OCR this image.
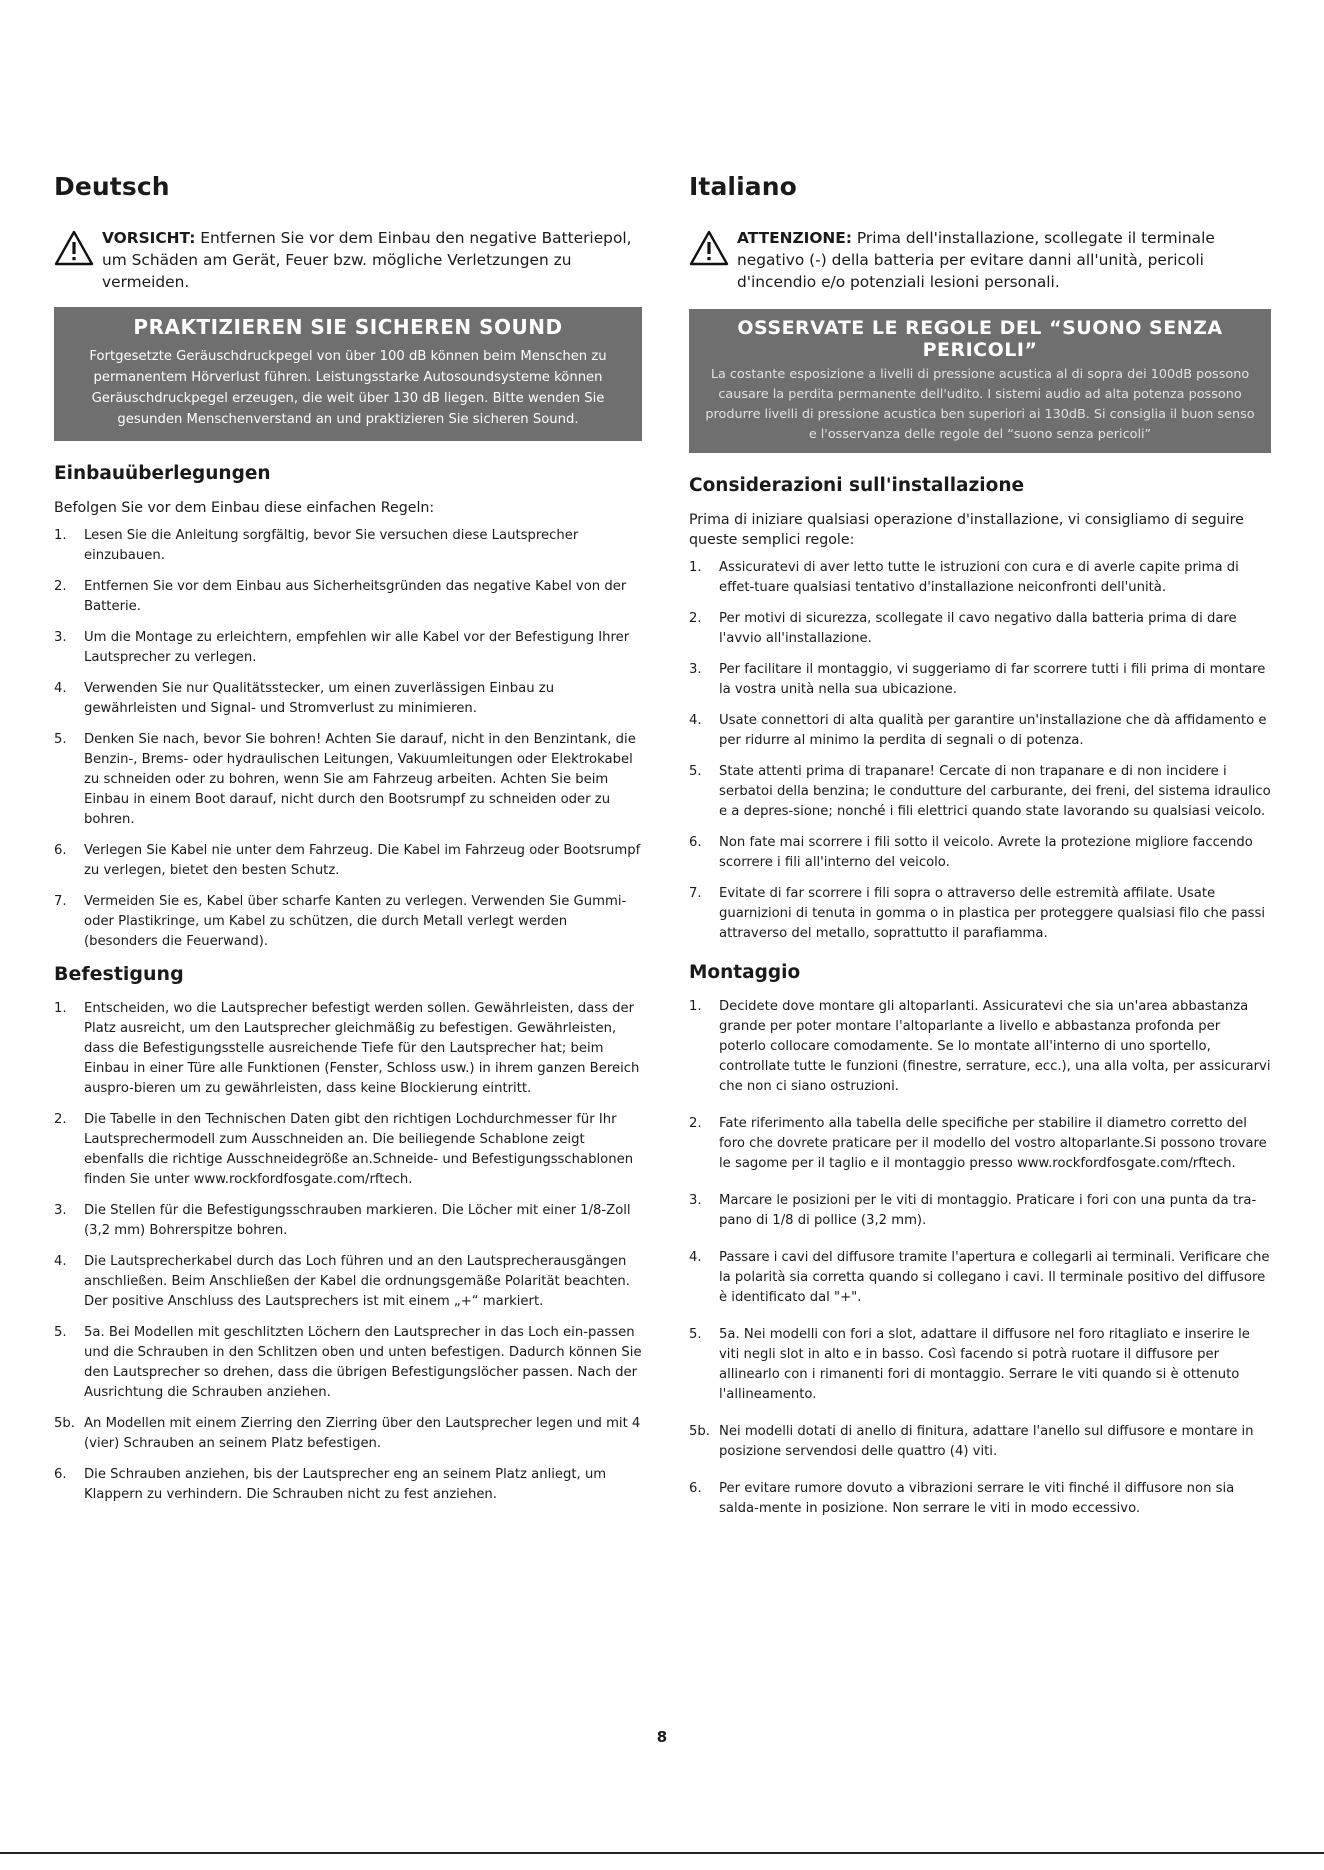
Deutsch
VORSICHT: Entfernen Sie vor dem Einbau den negative Batteriepol, um Schäden am Gerät, Feuer bzw. mögliche Verletzungen zu vermeiden.
PRAKTIZIEREN SIE SICHEREN SOUND
Fortgesetzte Geräuschdruckpegel von über 100 dB können beim Menschen zu permanentem Hörverlust führen. Leistungsstarke Autosoundsysteme können Geräuschdruckpegel erzeugen, die weit über 130 dB liegen. Bitte wenden Sie gesunden Menschenverstand an und praktizieren Sie sicheren Sound.
Einbauüberlegungen

Befolgen Sie vor dem Einbau diese einfachen Regeln:

1. Lesen Sie die Anleitung sorgfältig, bevor Sie versuchen diese Lautsprecher einzubauen.
2. Entfernen Sie vor dem Einbau aus Sicherheitsgründen das negative Kabel von der Batterie.
3. Um die Montage zu erleichtern, empfehlen wir alle Kabel vor der Befestigung Ihrer Lautsprecher zu verlegen.
4. Verwenden Sie nur Qualitätsstecker, um einen zuverlässigen Einbau zu gewährleisten und Signal- und Stromverlust zu minimieren.
5. Denken Sie nach, bevor Sie bohren! Achten Sie darauf, nicht in den Benzintank, die Benzin-, Brems- oder hydraulischen Leitungen, Vakuumleitungen oder Elektrokabel zu schneiden oder zu bohren, wenn Sie am Fahrzeug arbeiten. Achten Sie beim Einbau in einem Boot darauf, nicht durch den Bootsrumpf zu schneiden oder zu bohren.
6. Verlegen Sie Kabel nie unter dem Fahrzeug. Die Kabel im Fahrzeug oder Bootsrumpf zu verlegen, bietet den besten Schutz.
7. Vermeiden Sie es, Kabel über scharfe Kanten zu verlegen. Verwenden Sie Gummi- oder Plastikringe, um Kabel zu schützen, die durch Metall verlegt werden (besonders die Feuerwand).
Befestigung
1. Entscheiden, wo die Lautsprecher befestigt werden sollen. Gewährleisten, dass der Platz ausreicht, um den Lautsprecher gleichmäßig zu befestigen. Gewährleisten, dass die Befestigungsstelle ausreichende Tiefe für den Lautsprecher hat; beim Einbau in einer Türe alle Funktionen (Fenster, Schloss usw.) in ihrem ganzen Bereich auspro-bieren um zu gewährleisten, dass keine Blockierung eintritt.
2. Die Tabelle in den Technischen Daten gibt den richtigen Lochdurchmesser für Ihr Lautsprechermodell zum Ausschneiden an. Die beiliegende Schablone zeigt ebenfalls die richtige Ausschneidegröße an.Schneide- und Befestigungsschablonen finden Sie unter www.rockfordfosgate.com/rftech.
3. Die Stellen für die Befestigungsschrauben markieren. Die Löcher mit einer 1/8-Zoll (3,2 mm) Bohrerspitze bohren.
4. Die Lautsprecherkabel durch das Loch führen und an den Lautsprecherausgängen anschließen. Beim Anschließen der Kabel die ordnungsgemäße Polarität beachten. Der positive Anschluss des Lautsprechers ist mit einem „+“ markiert.
5. 5a. Bei Modellen mit geschlitzten Löchern den Lautsprecher in das Loch ein-passen und die Schrauben in den Schlitzen oben und unten befestigen. Dadurch können Sie den Lautsprecher so drehen, dass die übrigen Befestigungslöcher passen. Nach der Ausrichtung die Schrauben anziehen.
5b. An Modellen mit einem Zierring den Zierring über den Lautsprecher legen und mit 4 (vier) Schrauben an seinem Platz befestigen.
6. Die Schrauben anziehen, bis der Lautsprecher eng an seinem Platz anliegt, um Klappern zu verhindern. Die Schrauben nicht zu fest anziehen.
Italiano
ATTENZIONE: Prima dell'installazione, scollegate il terminale negativo (-) della batteria per evitare danni all'unità, pericoli d'incendio e/o potenziali lesioni personali.
OSSERVATE LE REGOLE DEL “SUONO SENZA PERICOLI”
La costante esposizione a livelli di pressione acustica al di sopra dei 100dB possono causare la perdita permanente dell'udito. I sistemi audio ad alta potenza possono produrre livelli di pressione acustica ben superiori ai 130dB. Si consiglia il buon senso e l'osservanza delle regole del “suono senza pericoli”
Considerazioni sull'installazione

Prima di iniziare qualsiasi operazione d'installazione, vi consigliamo di seguire queste semplici regole:

1. Assicuratevi di aver letto tutte le istruzioni con cura e di averle capite prima di effet-tuare qualsiasi tentativo d'installazione neiconfronti dell'unità.
2. Per motivi di sicurezza, scollegate il cavo negativo dalla batteria prima di dare l'avvio all'installazione.
3. Per facilitare il montaggio, vi suggeriamo di far scorrere tutti i fili prima di montare la vostra unità nella sua ubicazione.
4. Usate connettori di alta qualità per garantire un'installazione che dà affidamento e per ridurre al minimo la perdita di segnali o di potenza.
5. State attenti prima di trapanare! Cercate di non trapanare e di non incidere i serbatoi della benzina; le condutture del carburante, dei freni, del sistema idraulico e a depres-sione; nonché i fili elettrici quando state lavorando su qualsiasi veicolo.
6. Non fate mai scorrere i fili sotto il veicolo. Avrete la protezione migliore faccendo scorrere i fili all'interno del veicolo.
7. Evitate di far scorrere i fili sopra o attraverso delle estremità affilate. Usate guarnizioni di tenuta in gomma o in plastica per proteggere qualsiasi filo che passi attraverso del metallo, soprattutto il parafiamma.
Montaggio
1. Decidete dove montare gli altoparlanti. Assicuratevi che sia un'area abbastanza grande per poter montare l'altoparlante a livello e abbastanza profonda per poterlo collocare comodamente. Se lo montate all'interno di uno sportello, controllate tutte le funzioni (finestre, serrature, ecc.), una alla volta, per assicurarvi che non ci siano ostruzioni.
2. Fate riferimento alla tabella delle specifiche per stabilire il diametro corretto del foro che dovrete praticare per il modello del vostro altoparlante.Si possono trovare le sagome per il taglio e il montaggio presso www.rockfordfosgate.com/rftech.
3. Marcare le posizioni per le viti di montaggio. Praticare i fori con una punta da tra-pano di 1/8 di pollice (3,2 mm).
4. Passare i cavi del diffusore tramite l'apertura e collegarli ai terminali. Verificare che la polarità sia corretta quando si collegano i cavi. Il terminale positivo del diffusore è identificato dal "+".
5. 5a. Nei modelli con fori a slot, adattare il diffusore nel foro ritagliato e inserire le viti negli slot in alto e in basso. Così facendo si potrà ruotare il diffusore per allinearlo con i rimanenti fori di montaggio. Serrare le viti quando si è ottenuto l'allineamento.
5b. Nei modelli dotati di anello di finitura, adattare l'anello sul diffusore e montare in posizione servendosi delle quattro (4) viti.
6. Per evitare rumore dovuto a vibrazioni serrare le viti finché il diffusore non sia salda-mente in posizione. Non serrare le viti in modo eccessivo.
8
